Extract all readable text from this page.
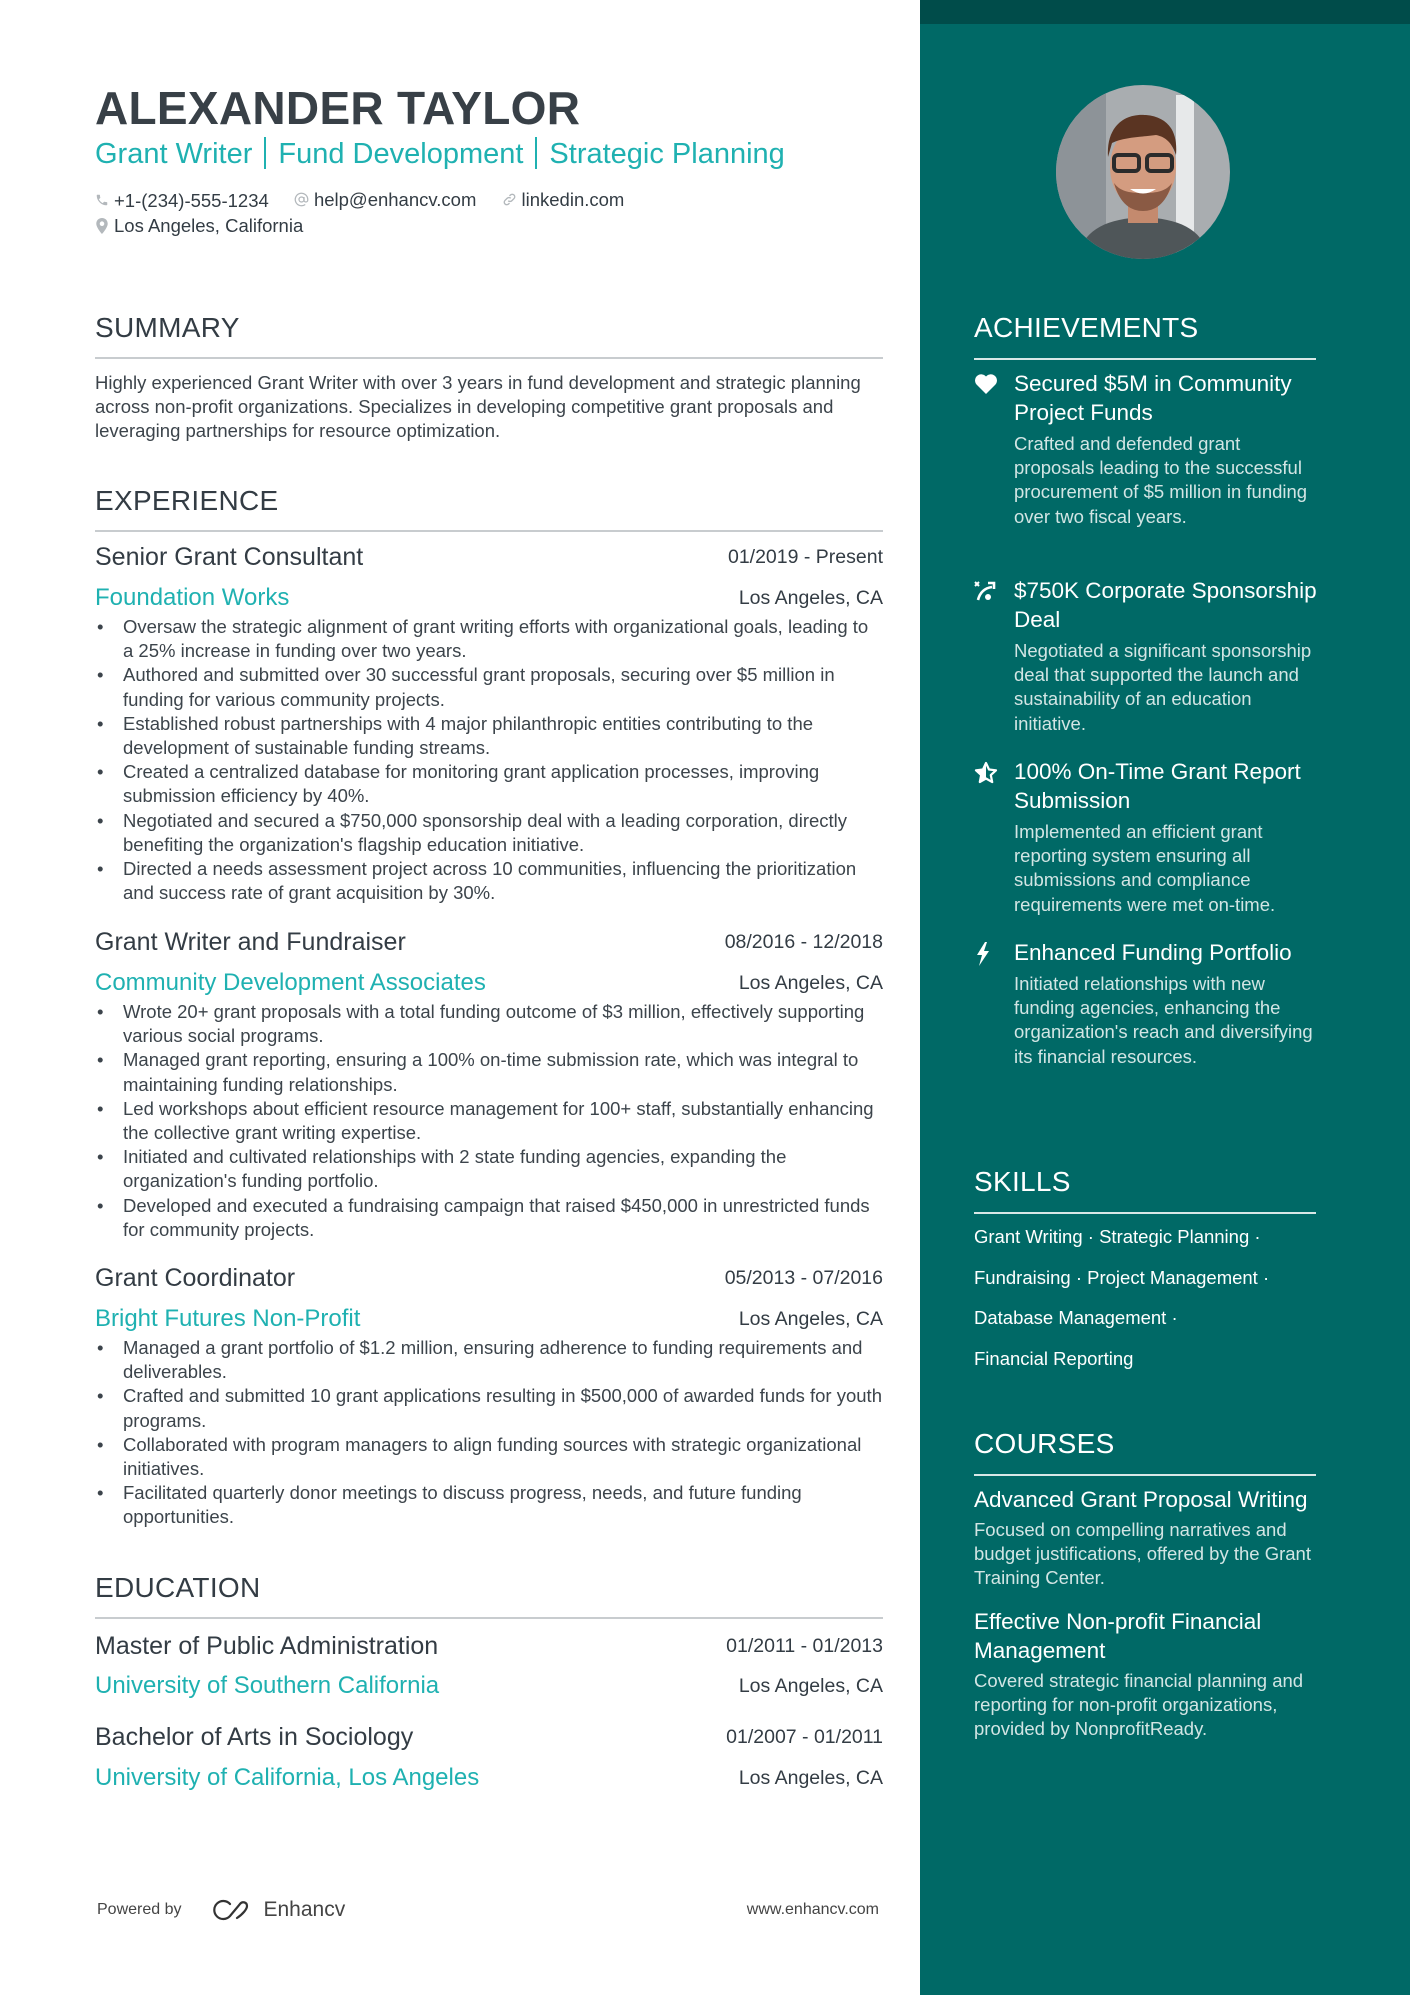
ALEXANDER TAYLOR
Grant Writer Fund Development Strategic Planning
+1-(234)-555-1234
help@enhancv.com
linkedin.com
Los Angeles, California
SUMMARY
Highly experienced Grant Writer with over 3 years in fund development and strategic planning across non-profit organizations. Specializes in developing competitive grant proposals and leveraging partnerships for resource optimization.
EXPERIENCE
Senior Grant Consultant	01/2019 - Present
Foundation Works	Los Angeles, CA
• Oversaw the strategic alignment of grant writing efforts with organizational goals, leading to a 25% increase in funding over two years.
• Authored and submitted over 30 successful grant proposals, securing over $5 million in funding for various community projects.
• Established robust partnerships with 4 major philanthropic entities contributing to the development of sustainable funding streams.
• Created a centralized database for monitoring grant application processes, improving submission efficiency by 40%.
• Negotiated and secured a $750,000 sponsorship deal with a leading corporation, directly benefiting the organization's flagship education initiative.
• Directed a needs assessment project across 10 communities, influencing the prioritization and success rate of grant acquisition by 30%.
Grant Writer and Fundraiser	08/2016 - 12/2018
Community Development Associates	Los Angeles, CA
• Wrote 20+ grant proposals with a total funding outcome of $3 million, effectively supporting various social programs.
• Managed grant reporting, ensuring a 100% on-time submission rate, which was integral to maintaining funding relationships.
• Led workshops about efficient resource management for 100+ staff, substantially enhancing the collective grant writing expertise.
• Initiated and cultivated relationships with 2 state funding agencies, expanding the organization's funding portfolio.
• Developed and executed a fundraising campaign that raised $450,000 in unrestricted funds for community projects.
Grant Coordinator	05/2013 - 07/2016
Bright Futures Non-Profit	Los Angeles, CA
• Managed a grant portfolio of $1.2 million, ensuring adherence to funding requirements and deliverables.
• Crafted and submitted 10 grant applications resulting in $500,000 of awarded funds for youth programs.
• Collaborated with program managers to align funding sources with strategic organizational initiatives.
• Facilitated quarterly donor meetings to discuss progress, needs, and future funding opportunities.
EDUCATION
Master of Public Administration	01/2011 - 01/2013
University of Southern California	Los Angeles, CA
Bachelor of Arts in Sociology	01/2007 - 01/2011
University of California, Los Angeles	Los Angeles, CA
Powered by	Enhancv	www.enhancv.com
ACHIEVEMENTS
Secured $5M in Community Project Funds
Crafted and defended grant proposals leading to the successful procurement of $5 million in funding over two fiscal years.
$750K Corporate Sponsorship Deal
Negotiated a significant sponsorship deal that supported the launch and sustainability of an education initiative.
100% On-Time Grant Report Submission
Implemented an efficient grant reporting system ensuring all submissions and compliance requirements were met on-time.
Enhanced Funding Portfolio
Initiated relationships with new funding agencies, enhancing the organization's reach and diversifying its financial resources.
SKILLS
Grant Writing · Strategic Planning ·
Fundraising · Project Management ·
Database Management ·
Financial Reporting
COURSES
Advanced Grant Proposal Writing
Focused on compelling narratives and budget justifications, offered by the Grant Training Center.
Effective Non-profit Financial Management
Covered strategic financial planning and reporting for non-profit organizations, provided by NonprofitReady.
